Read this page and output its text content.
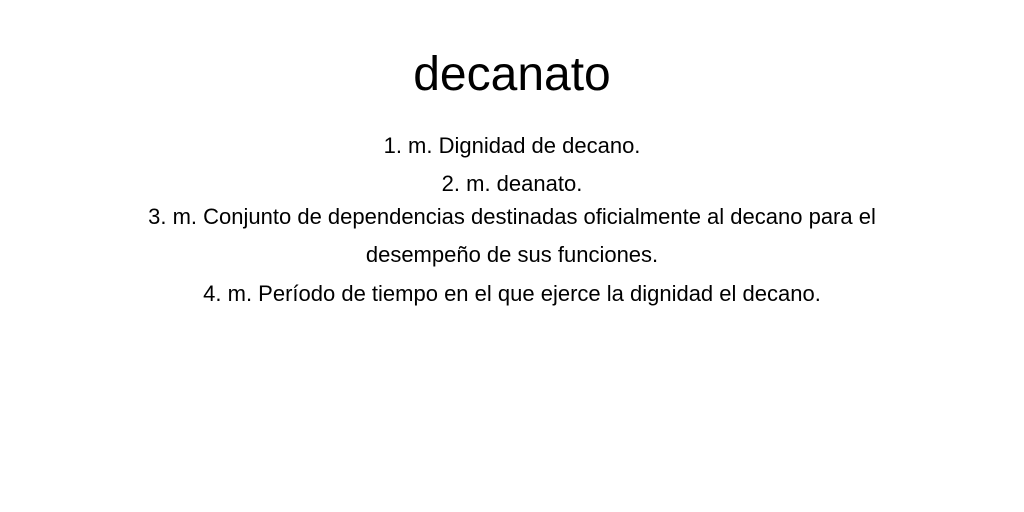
decanato
1. m. Dignidad de decano.
2. m. deanato.
3. m. Conjunto de dependencias destinadas oficialmente al decano para el
desempeño de sus funciones.
4. m. Período de tiempo en el que ejerce la dignidad el decano.
